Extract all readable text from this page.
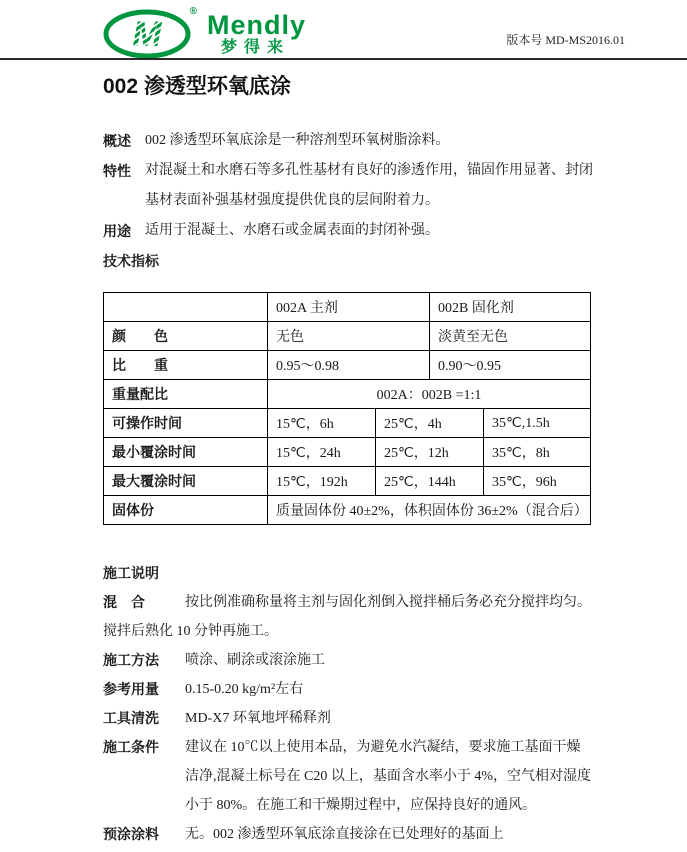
M
® Mendly
梦得来	版本号 MD-MS2016.01
002 渗透型环氧底涂
概述	002 渗透型环氧底涂是一种溶剂型环氧树脂涂料。
特性	对混凝土和水磨石等多孔性基材有良好的渗透作用，锚固作用显著、封闭
基材表面补强基材强度提供优良的层间附着力。
用途	适用于混凝土、水磨石或金属表面的封闭补强。
技术指标
	002A 主剂		002B 固化剂	
颜　　色	无色		淡黄至无色	
比　　重	0.95～0.98		0.90～0.95	
重量配比	002A：002B =1:1			
可操作时间	15℃，6h	25℃，4h		35℃,1.5h
最小覆涂时间	15℃，24h	25℃，12h		35℃，8h
最大覆涂时间	15℃，192h	25℃，144h		35℃，96h
固体份	质量固体份 40±2%，体积固体份 36±2%（混合后）			
施工说明
混　合	按比例准确称量将主剂与固化剂倒入搅拌桶后务必充分搅拌均匀。
搅拌后熟化 10 分钟再施工。
施工方法	喷涂、刷涂或滚涂施工
参考用量	0.15-0.20 kg/m²左右
工具清洗	MD-X7 环氧地坪稀释剂
施工条件	建议在 10℃以上使用本品，为避免水汽凝结，要求施工基面干燥
洁净,混凝土标号在 C20 以上，基面含水率小于 4%，空气相对湿度
小于 80%。在施工和干燥期过程中，应保持良好的通风。
预涂涂料	无。002 渗透型环氧底涂直接涂在已处理好的基面上
